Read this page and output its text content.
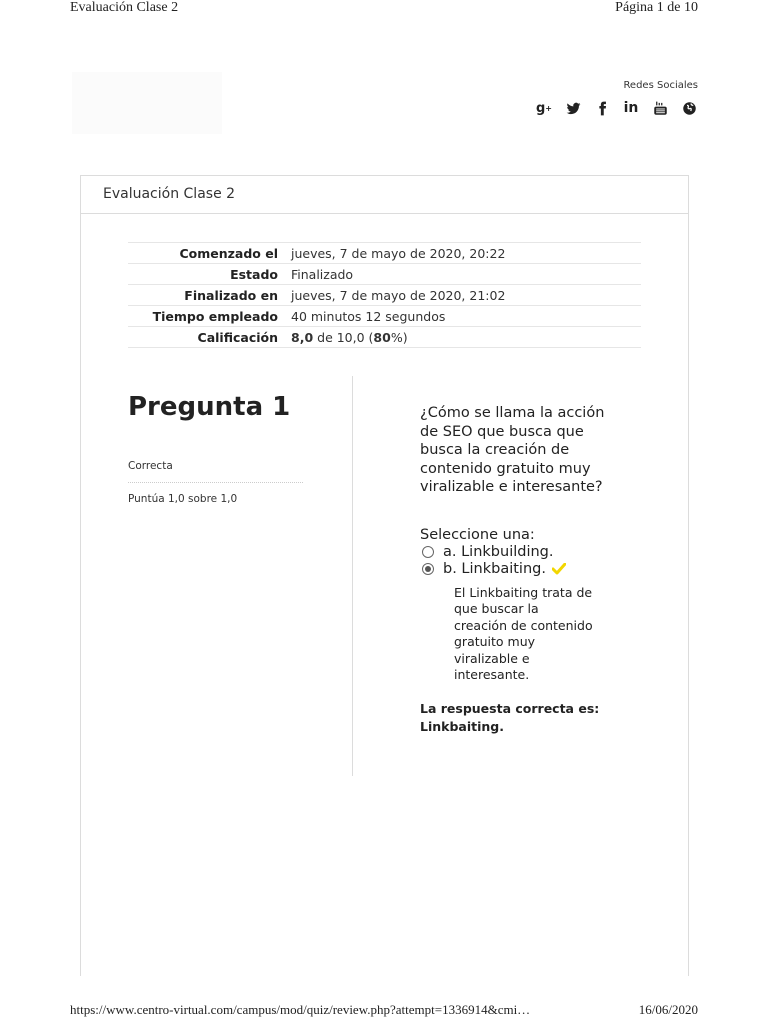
Evaluación Clase 2	Página 1 de 10
Redes Sociales
g +	in
Evaluación Clase 2
Comenzado el	jueves, 7 de mayo de 2020, 20:22
Estado	Finalizado
Finalizado en	jueves, 7 de mayo de 2020, 21:02
Tiempo empleado	40 minutos 12 segundos
Calificación	8,0 de 10,0 (80%)
Pregunta 1
Correcta
Puntúa 1,0 sobre 1,0
¿Cómo se llama la acción de SEO que busca que busca la creación de contenido gratuito muy viralizable e interesante?
Seleccione una:
a. Linkbuilding.
b. Linkbaiting.
El Linkbaiting trata de que buscar la creación de contenido gratuito muy viralizable e interesante.
La respuesta correcta es: Linkbaiting.
https://www.centro-virtual.com/campus/mod/quiz/review.php?attempt=1336914&cmi…	16/06/2020
